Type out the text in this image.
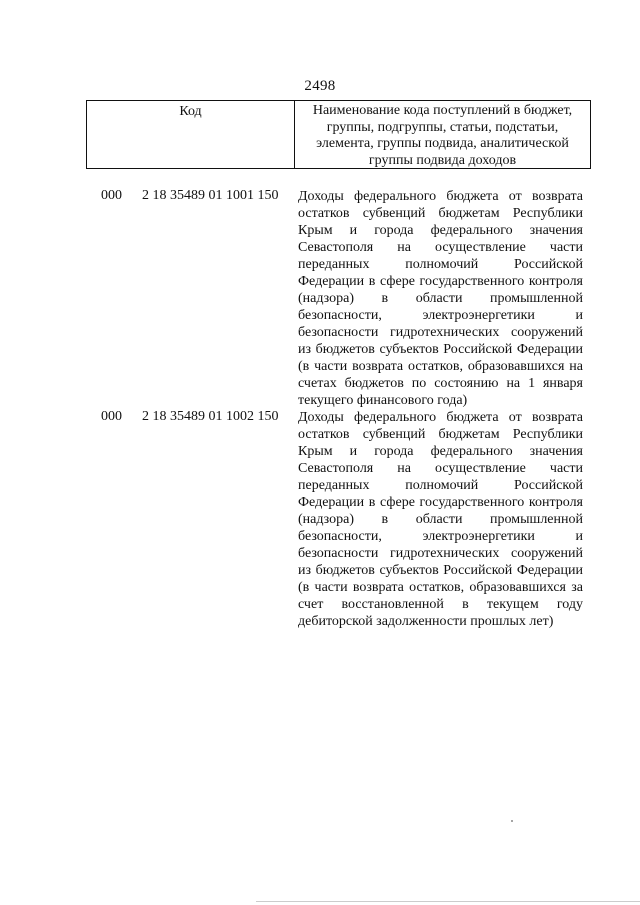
2498
Код	Наименование кода поступлений в бюджет, группы, подгруппы, статьи, подстатьи, элемента, группы подвида, аналитической группы подвида доходов
000 2 18 35489 01 1001 150 Доходы федерального бюджета от возврата остатков субвенций бюджетам Республики Крым и города федерального значения Севастополя на осуществление части переданных полномочий Российской Федерации в сфере государственного контроля (надзора) в области промышленной безопасности, электроэнергетики и безопасности гидротехнических сооружений из бюджетов субъектов Российской Федерации (в части возврата остатков, образовавшихся на счетах бюджетов по состоянию на 1 января текущего финансового года)
000 2 18 35489 01 1002 150 Доходы федерального бюджета от возврата остатков субвенций бюджетам Республики Крым и города федерального значения Севастополя на осуществление части переданных полномочий Российской Федерации в сфере государственного контроля (надзора) в области промышленной безопасности, электроэнергетики и безопасности гидротехнических сооружений из бюджетов субъектов Российской Федерации (в части возврата остатков, образовавшихся за счет восстановленной в текущем году дебиторской задолженности прошлых лет)
